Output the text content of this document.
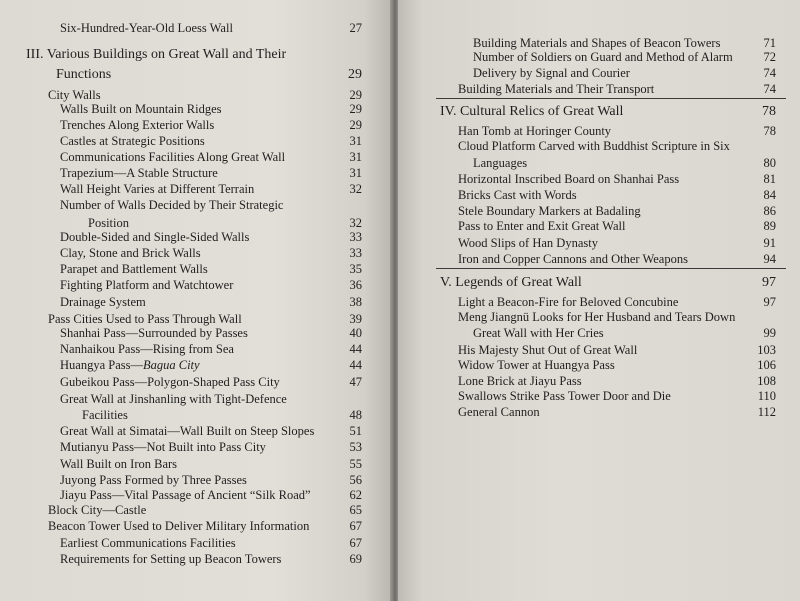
Six-Hundred-Year-Old Loess Wall	27
III. Various Buildings on Great Wall and Their
Functions	29
City Walls	29
Walls Built on Mountain Ridges	29
Trenches Along Exterior Walls	29
Castles at Strategic Positions	31
Communications Facilities Along Great Wall	31
Trapezium—A Stable Structure	31
Wall Height Varies at Different Terrain	32
Number of Walls Decided by Their Strategic
Position	32
Double-Sided and Single-Sided Walls	33
Clay, Stone and Brick Walls	33
Parapet and Battlement Walls	35
Fighting Platform and Watchtower	36
Drainage System	38
Pass Cities Used to Pass Through Wall	39
Shanhai Pass—Surrounded by Passes	40
Nanhaikou Pass—Rising from Sea	44
Huangya Pass—Bagua City	44
Gubeikou Pass—Polygon-Shaped Pass City	47
Great Wall at Jinshanling with Tight-Defence
Facilities	48
Great Wall at Simatai—Wall Built on Steep Slopes	51
Mutianyu Pass—Not Built into Pass City	53
Wall Built on Iron Bars	55
Juyong Pass Formed by Three Passes	56
Jiayu Pass—Vital Passage of Ancient “Silk Road”	62
Block City—Castle	65
Beacon Tower Used to Deliver Military Information	67
Earliest Communications Facilities	67
Requirements for Setting up Beacon Towers	69
Building Materials and Shapes of Beacon Towers	71
Number of Soldiers on Guard and Method of Alarm	72
Delivery by Signal and Courier	74
Building Materials and Their Transport	74
IV. Cultural Relics of Great Wall	78
Han Tomb at Horinger County	78
Cloud Platform Carved with Buddhist Scripture in Six
Languages	80
Horizontal Inscribed Board on Shanhai Pass	81
Bricks Cast with Words	84
Stele Boundary Markers at Badaling	86
Pass to Enter and Exit Great Wall	89
Wood Slips of Han Dynasty	91
Iron and Copper Cannons and Other Weapons	94
V. Legends of Great Wall	97
Light a Beacon-Fire for Beloved Concubine	97
Meng Jiangnü Looks for Her Husband and Tears Down
Great Wall with Her Cries	99
His Majesty Shut Out of Great Wall	103
Widow Tower at Huangya Pass	106
Lone Brick at Jiayu Pass	108
Swallows Strike Pass Tower Door and Die	110
General Cannon	112
